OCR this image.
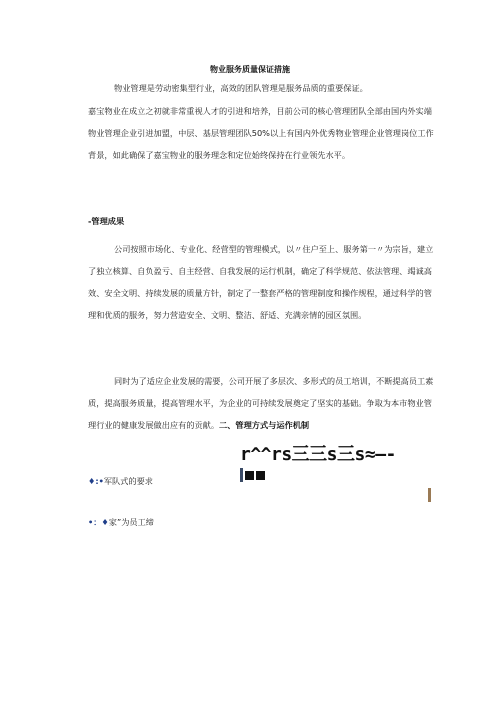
物业服务质量保证措施
物业管理是劳动密集型行业，高效的团队管理是服务品质的重要保证。
嘉宝物业在成立之初就非常重视人才的引进和培养，目前公司的核心管理团队全部由国内外实端物业管理企业引进加盟，中层、基层管理团队50%以上有国内外优秀物业管理企业管理岗位工作背景，如此确保了嘉宝物业的服务理念和定位始终保持在行业领先水平。
-管理成果
公司按照市场化、专业化、经营型的管理模式，以〃住户至上、服务第一〃为宗旨，建立了独立核算、自负盈亏、自主经营、自我发展的运行机制，确定了科学规范、依法管理、竭诚高效、安全文明、持续发展的质量方针，制定了一整套严格的管理制度和操作规程，通过科学的管理和优质的服务，努力营造安全、文明、整洁、舒适、充满亲情的园区氛围。
同时为了适应企业发展的需要，公司开展了多层次、多形式的员工培训，不断提高员工素质，提高服务质量，提高管理水平，为企业的可持续发展奠定了坚实的基础。争取为本市物业管理行业的健康发展做出应有的贡献。二、管理方式与运作机制
r^^rs三三s三s≈—-
♦:•军队式的要求
•：♦家”为员工缔
